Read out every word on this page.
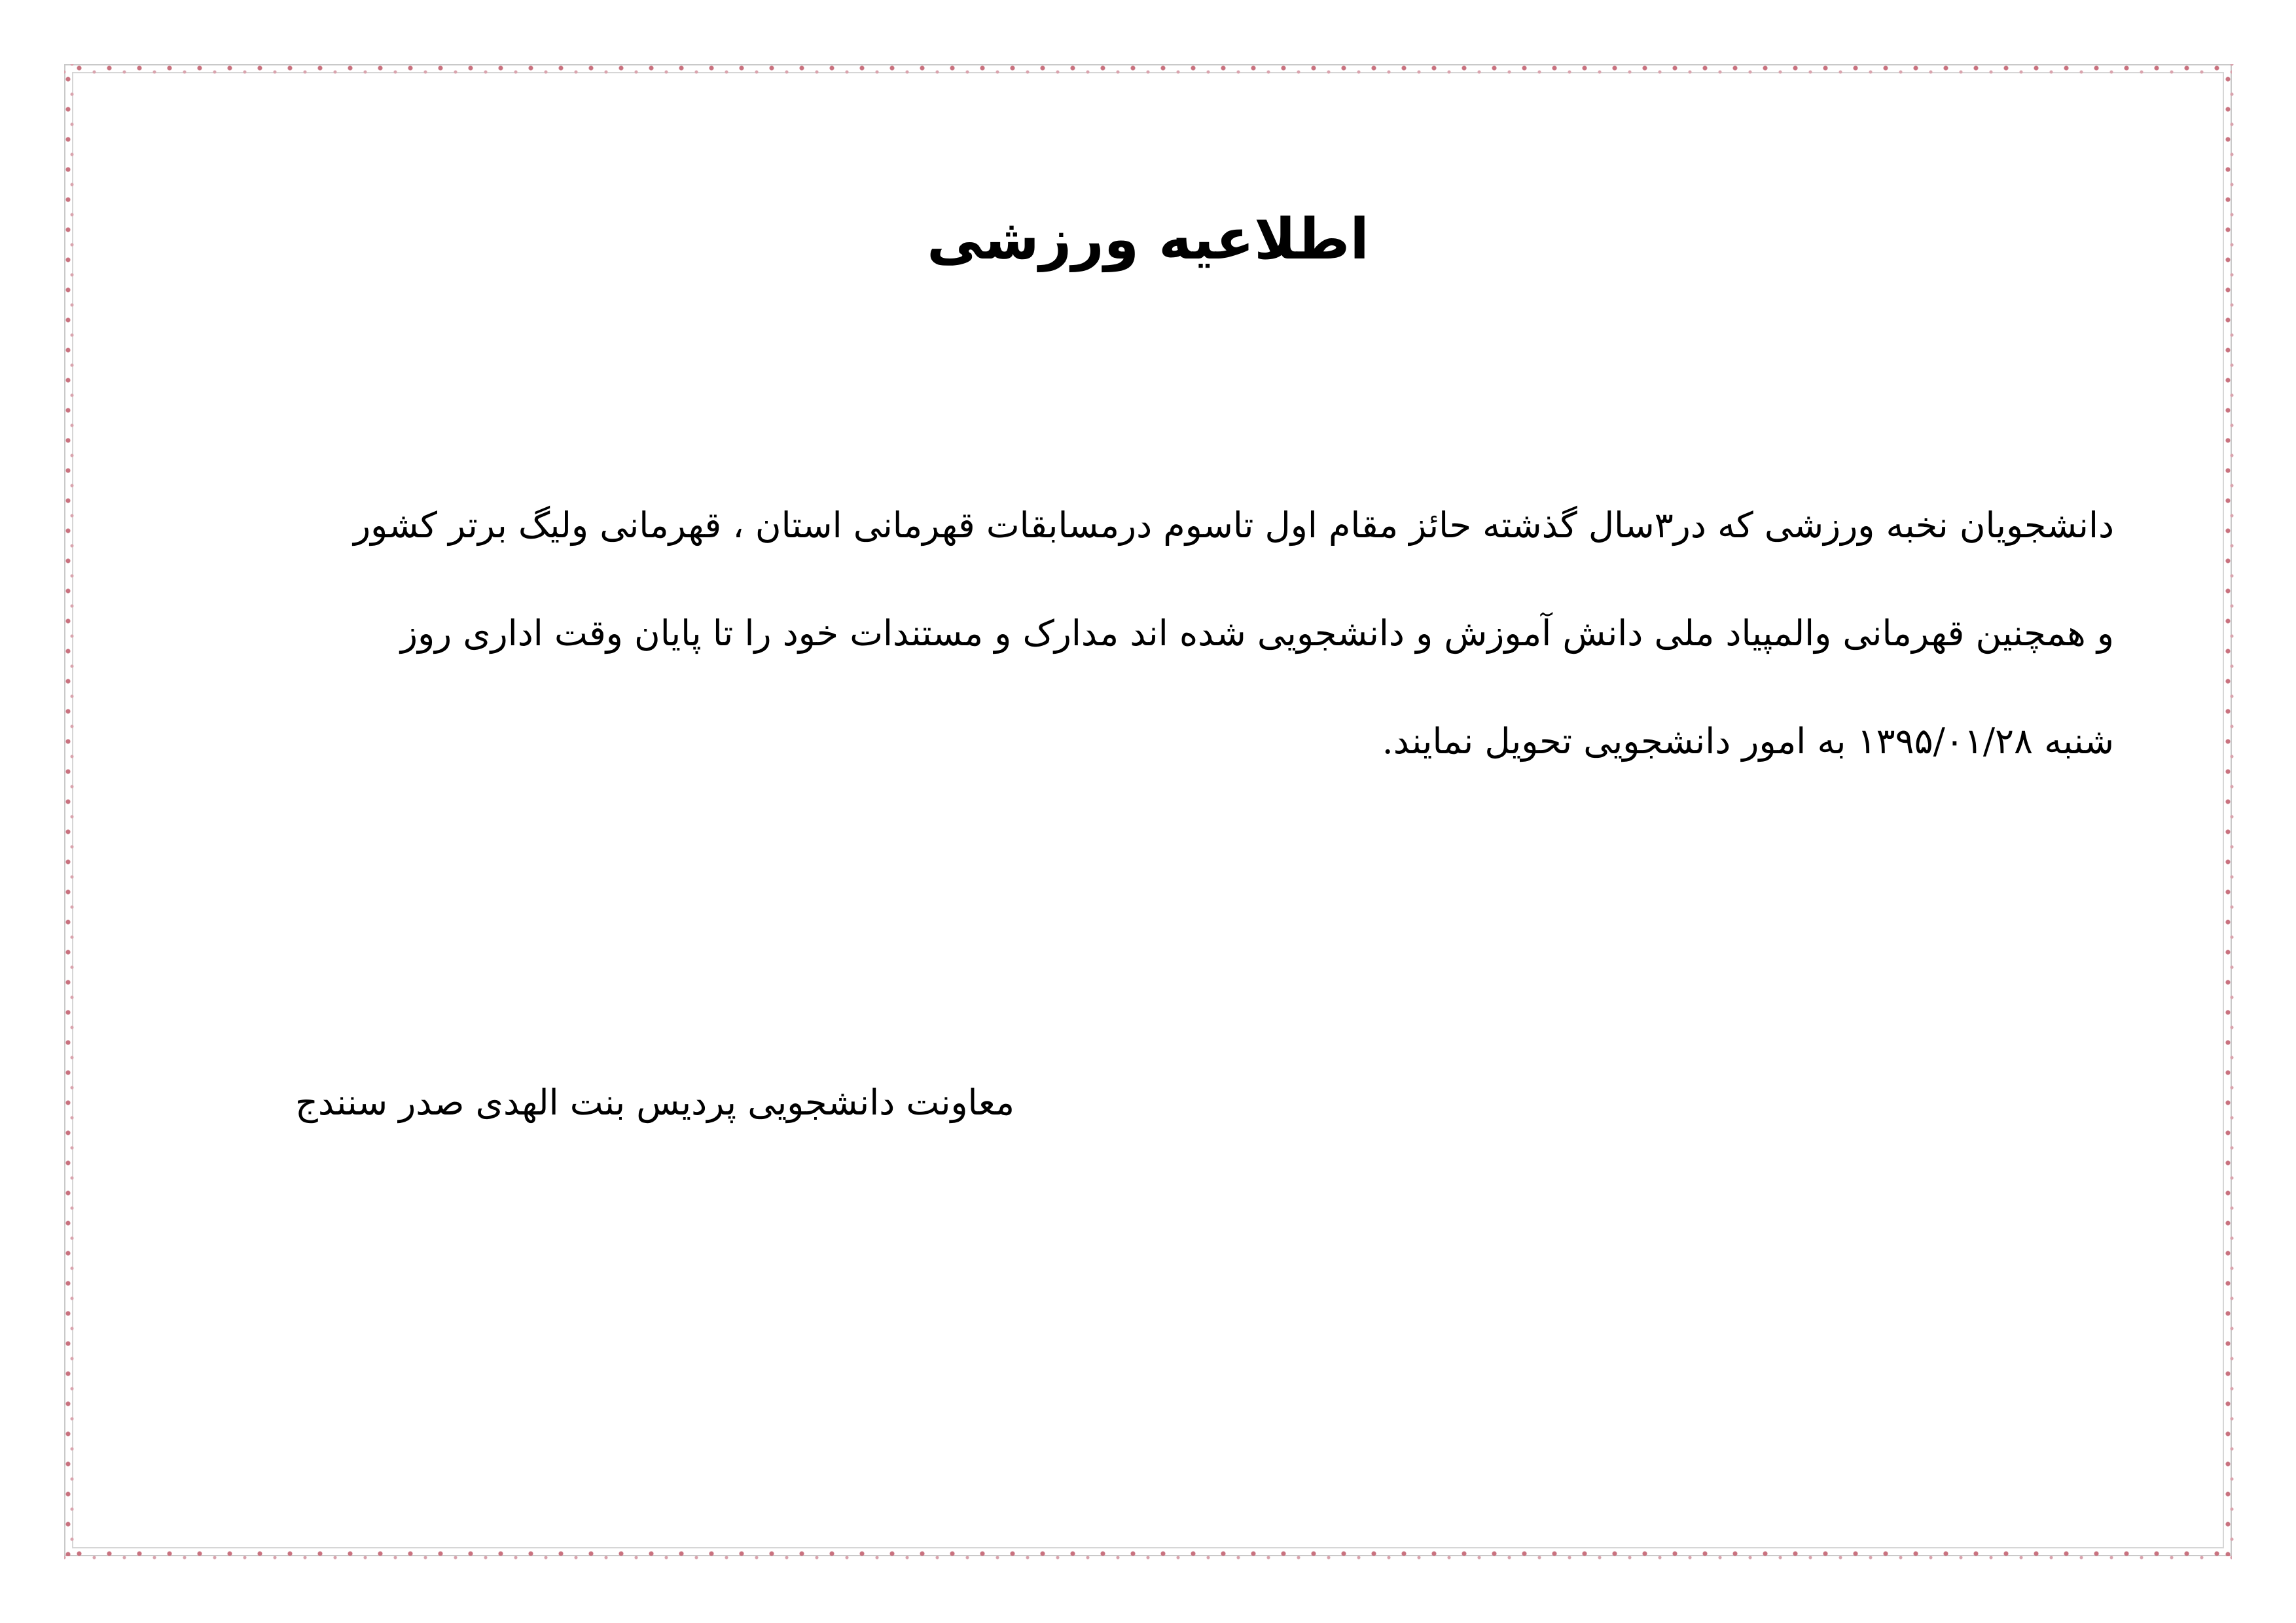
اطلاعیه ورزشی

دانشجویان نخبه ورزشی که در۳سال گذشته حائز مقام اول تاسوم درمسابقات قهرمانی استان ، قهرمانی ولیگ برتر کشور

و همچنین قهرمانی والمپیاد ملی دانش آموزش و دانشجویی شده اند مدارک و مستندات خود را تا پایان وقت اداری روز

شنبه ۱۳۹۵/۰۱/۲۸ به امور دانشجویی تحویل نمایند.

معاونت دانشجویی پردیس بنت الهدی صدر سنندج
